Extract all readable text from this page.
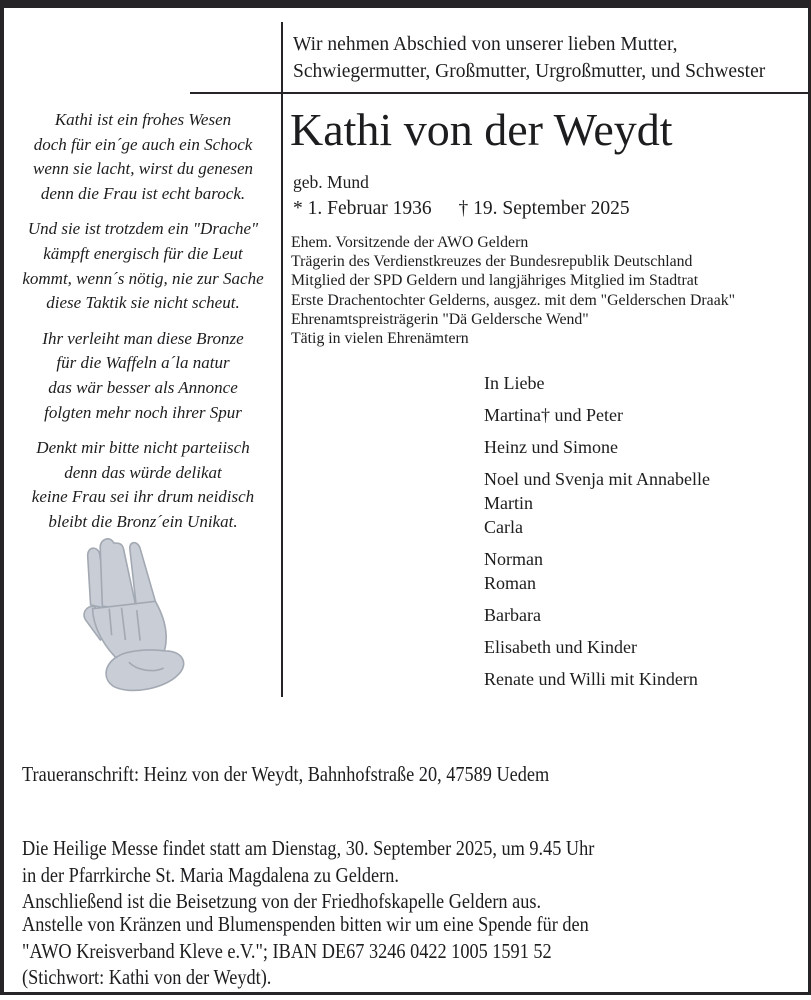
Wir nehmen Abschied von unserer lieben Mutter,
Schwiegermutter, Großmutter, Urgroßmutter, und Schwester

Kathi ist ein frohes Wesen

doch für ein´ge auch ein Schock

wenn sie lacht, wirst du genesen

denn die Frau ist echt barock.

Und sie ist trotzdem ein "Drache"

kämpft energisch für die Leut

kommt, wenn´s nötig, nie zur Sache

diese Taktik sie nicht scheut.

Ihr verleiht man diese Bronze

für die Waffeln a´la natur

das wär besser als Annonce

folgten mehr noch ihrer Spur

Denkt mir bitte nicht parteiisch

denn das würde delikat

keine Frau sei ihr drum neidisch

bleibt die Bronz´ein Unikat.

Kathi von der Weydt
geb. Mund
* 1. Februar 1936 † 19. September 2025
Ehem. Vorsitzende der AWO Geldern
Trägerin des Verdienstkreuzes der Bundesrepublik Deutschland
Mitglied der SPD Geldern und langjähriges Mitglied im Stadtrat
Erste Drachentochter Gelderns, ausgez. mit dem "Gelderschen Draak"
Ehrenamtspreisträgerin "Dä Geldersche Wend"
Tätig in vielen Ehrenämtern

In Liebe

Martina† und Peter

Heinz und Simone

Noel und Svenja mit Annabelle

Martin

Carla

Norman

Roman

Barbara

Elisabeth und Kinder

Renate und Willi mit Kindern

Traueranschrift: Heinz von der Weydt, Bahnhofstraße 20, 47589 Uedem

Die Heilige Messe findet statt am Dienstag, 30. September 2025, um 9.45 Uhr

in der Pfarrkirche St. Maria Magdalena zu Geldern.

Anschließend ist die Beisetzung von der Friedhofskapelle Geldern aus.

Anstelle von Kränzen und Blumenspenden bitten wir um eine Spende für den

"AWO Kreisverband Kleve e.V."; IBAN DE67 3246 0422 1005 1591 52

(Stichwort: Kathi von der Weydt).
